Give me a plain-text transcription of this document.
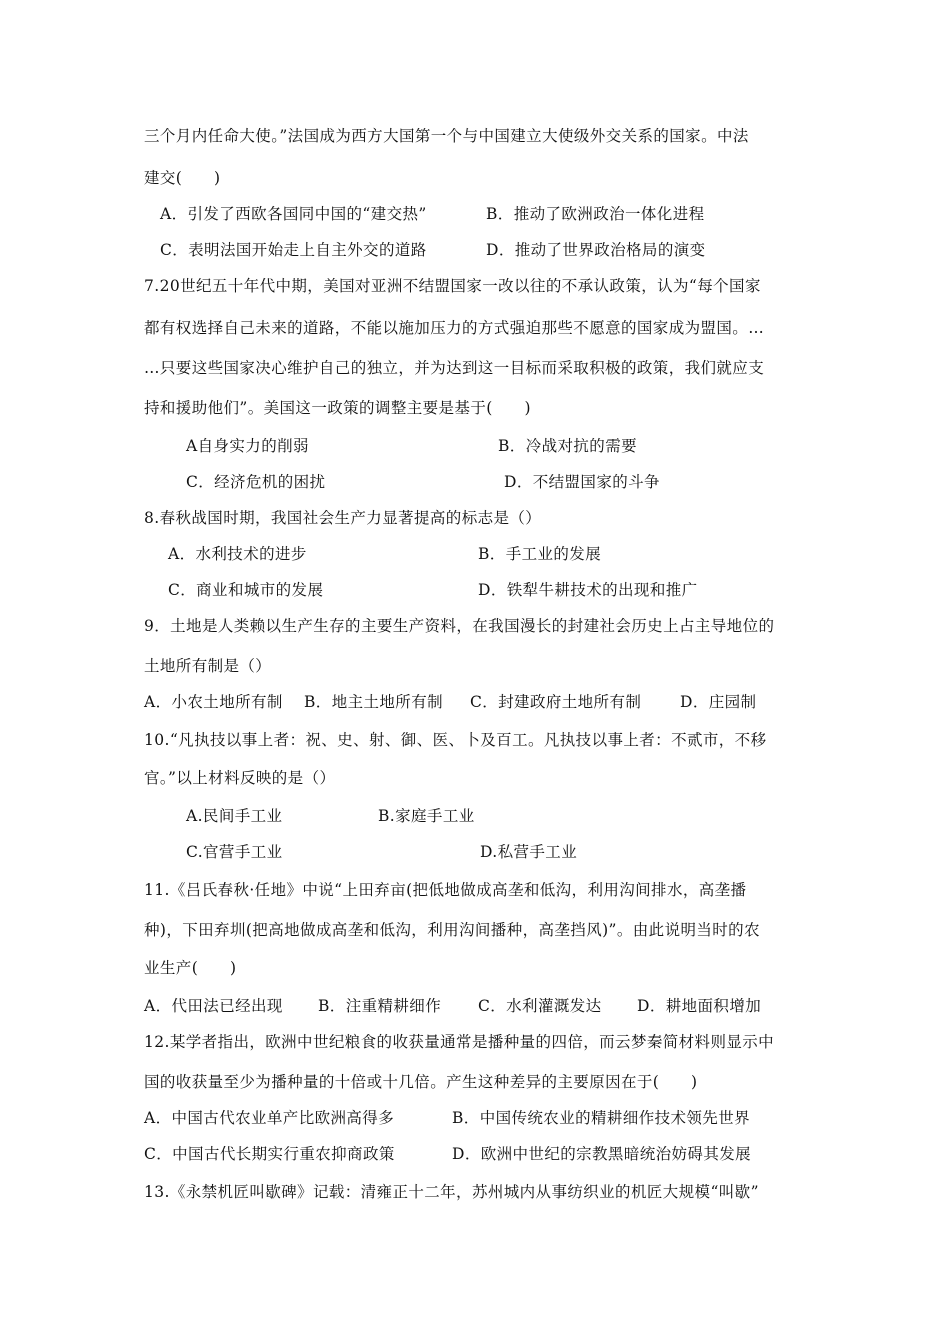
三个月内任命大使。”法国成为西方大国第一个与中国建立大使级外交关系的国家。中法
建交(　　)
A．引发了西欧各国同中国的“建交热”	B．推动了欧洲政治一体化进程
C．表明法国开始走上自主外交的道路	D．推动了世界政治格局的演变
7.20世纪五十年代中期，美国对亚洲不结盟国家一改以往的不承认政策，认为“每个国家
都有权选择自己未来的道路，不能以施加压力的方式强迫那些不愿意的国家成为盟国。…
…只要这些国家决心维护自己的独立，并为达到这一目标而采取积极的政策，我们就应支
持和援助他们”。美国这一政策的调整主要是基于(　　)
A自身实力的削弱	B．冷战对抗的需要
C．经济危机的困扰	D．不结盟国家的斗争
8.春秋战国时期，我国社会生产力显著提高的标志是（）
A．水利技术的进步	B．手工业的发展
C．商业和城市的发展	D．铁犁牛耕技术的出现和推广
9．土地是人类赖以生产生存的主要生产资料，在我国漫长的封建社会历史上占主导地位的
土地所有制是（）
A．小农土地所有制 B．地主土地所有制 C．封建政府土地所有制 D．庄园制
10.“凡执技以事上者：祝、史、射、御、医、卜及百工。凡执技以事上者：不贰市，不移
官。”以上材料反映的是（）
A.民间手工业	B.家庭手工业
C.官营手工业	D.私营手工业
11.《吕氏春秋·任地》中说“上田弃亩(把低地做成高垄和低沟，利用沟间排水，高垄播
种)，下田弃圳(把高地做成高垄和低沟，利用沟间播种，高垄挡风)”。由此说明当时的农
业生产(　　)
A．代田法已经出现 B．注重精耕细作 C．水利灌溉发达 D．耕地面积增加
12.某学者指出，欧洲中世纪粮食的收获量通常是播种量的四倍，而云梦秦简材料则显示中
国的收获量至少为播种量的十倍或十几倍。产生这种差异的主要原因在于(　　)
A．中国古代农业单产比欧洲高得多	B．中国传统农业的精耕细作技术领先世界
C．中国古代长期实行重农抑商政策	D．欧洲中世纪的宗教黑暗统治妨碍其发展
13.《永禁机匠叫歇碑》记载：清雍正十二年，苏州城内从事纺织业的机匠大规模“叫歇”
